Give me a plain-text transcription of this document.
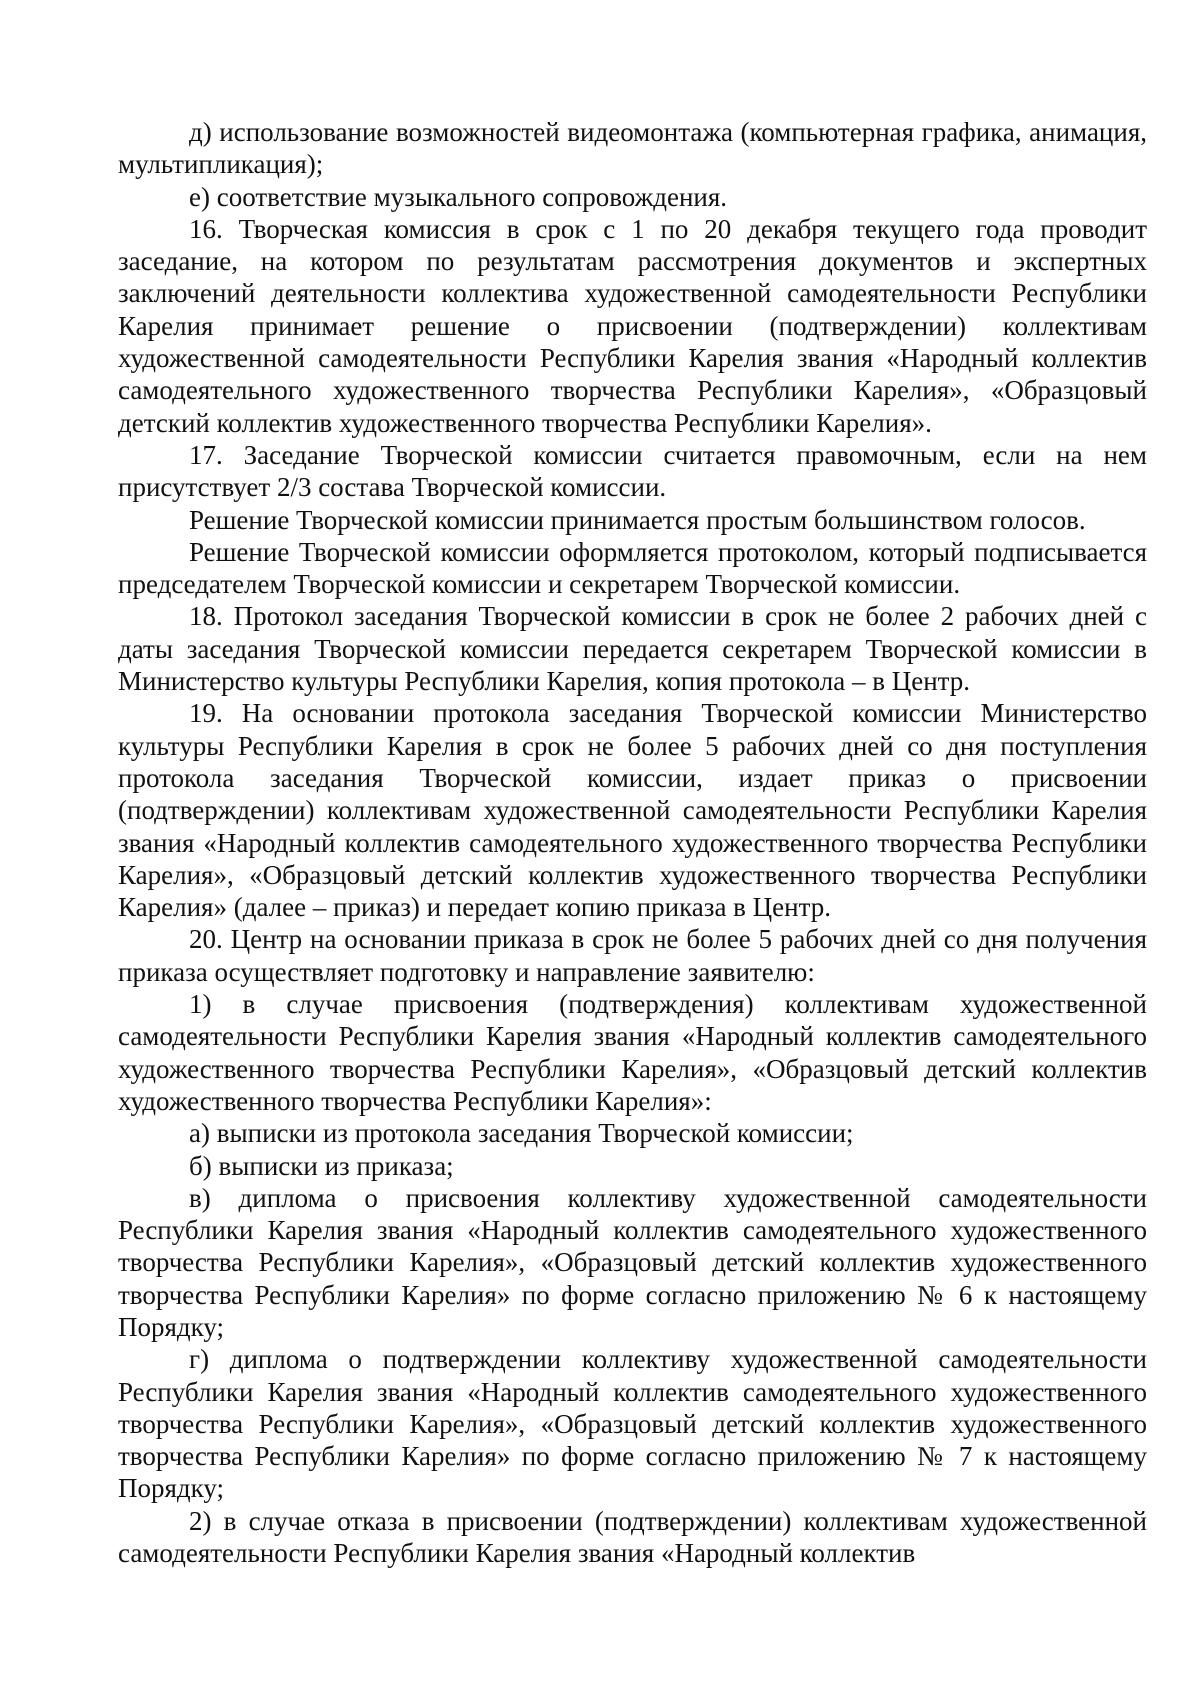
д) использование возможностей видеомонтажа (компьютерная графика, анимация, мультипликация);

е) соответствие музыкального сопровождения.

16. Творческая комиссия в срок с 1 по 20 декабря текущего года проводит заседание, на котором по результатам рассмотрения документов и экспертных заключений деятельности коллектива художественной самодеятельности Республики Карелия принимает решение о присвоении (подтверждении) коллективам художественной самодеятельности Республики Карелия звания «Народный коллектив самодеятельного художественного творчества Республики Карелия», «Образцовый детский коллектив художественного творчества Республики Карелия».

17. Заседание Творческой комиссии считается правомочным, если на нем присутствует 2/3 состава Творческой комиссии.

Решение Творческой комиссии принимается простым большинством голосов.

Решение Творческой комиссии оформляется протоколом, который подписывается председателем Творческой комиссии и секретарем Творческой комиссии.

18. Протокол заседания Творческой комиссии в срок не более 2 рабочих дней с даты заседания Творческой комиссии передается секретарем Творческой комиссии в Министерство культуры Республики Карелия, копия протокола – в Центр.

19. На основании протокола заседания Творческой комиссии Министерство культуры Республики Карелия в срок не более 5 рабочих дней со дня поступления протокола заседания Творческой комиссии, издает приказ о присвоении (подтверждении) коллективам художественной самодеятельности Республики Карелия звания «Народный коллектив самодеятельного художественного творчества Республики Карелия», «Образцовый детский коллектив художественного творчества Республики Карелия» (далее – приказ) и передает копию приказа в Центр.

20. Центр на основании приказа в срок не более 5 рабочих дней со дня получения приказа осуществляет подготовку и направление заявителю:

1) в случае присвоения (подтверждения) коллективам художественной самодеятельности Республики Карелия звания «Народный коллектив самодеятельного художественного творчества Республики Карелия», «Образцовый детский коллектив художественного творчества Республики Карелия»:

а) выписки из протокола заседания Творческой комиссии;

б) выписки из приказа;

в) диплома о присвоения коллективу художественной самодеятельности Республики Карелия звания «Народный коллектив самодеятельного художественного творчества Республики Карелия», «Образцовый детский коллектив художественного творчества Республики Карелия» по форме согласно приложению № 6 к настоящему Порядку;

г) диплома о подтверждении коллективу художественной самодеятельности Республики Карелия звания «Народный коллектив самодеятельного художественного творчества Республики Карелия», «Образцовый детский коллектив художественного творчества Республики Карелия» по форме согласно приложению № 7 к настоящему Порядку;

2) в случае отказа в присвоении (подтверждении) коллективам художественной самодеятельности Республики Карелия звания «Народный коллектив
